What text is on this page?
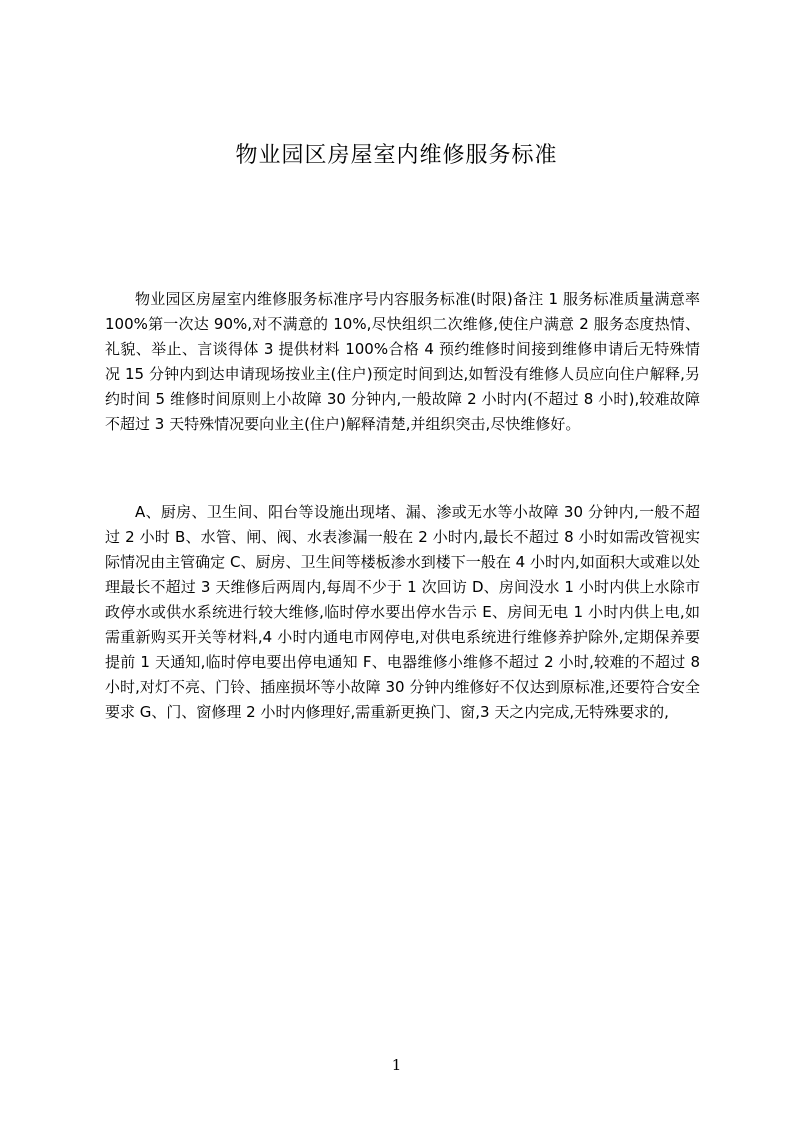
物业园区房屋室内维修服务标准

物业园区房屋室内维修服务标准序号内容服务标准(时限)备注 1 服务标准质量满意率 100%第一次达 90%,对不满意的 10%,尽快组织二次维修,使住户满意 2 服务态度热情、礼貌、举止、言谈得体 3 提供材料 100%合格 4 预约维修时间接到维修申请后无特殊情况 15 分钟内到达申请现场按业主(住户)预定时间到达,如暂没有维修人员应向住户解释,另约时间 5 维修时间原则上小故障 30 分钟内,一般故障 2 小时内(不超过 8 小时),较难故障不超过 3 天特殊情况要向业主(住户)解释清楚,并组织突击,尽快维修好。

A、厨房、卫生间、阳台等设施出现堵、漏、渗或无水等小故障 30 分钟内,一般不超过 2 小时 B、水管、闸、阀、水表渗漏一般在 2 小时内,最长不超过 8 小时如需改管视实际情况由主管确定 C、厨房、卫生间等楼板渗水到楼下一般在 4 小时内,如面积大或难以处理最长不超过 3 天维修后两周内,每周不少于 1 次回访 D、房间没水 1 小时内供上水除市政停水或供水系统进行较大维修,临时停水要出停水告示 E、房间无电 1 小时内供上电,如需重新购买开关等材料,4 小时内通电市网停电,对供电系统进行维修养护除外,定期保养要提前 1 天通知,临时停电要出停电通知 F、电器维修小维修不超过 2 小时,较难的不超过 8 小时,对灯不亮、门铃、插座损坏等小故障 30 分钟内维修好不仅达到原标准,还要符合安全要求 G、门、窗修理 2 小时内修理好,需重新更换门、窗,3 天之内完成,无特殊要求的,

1
